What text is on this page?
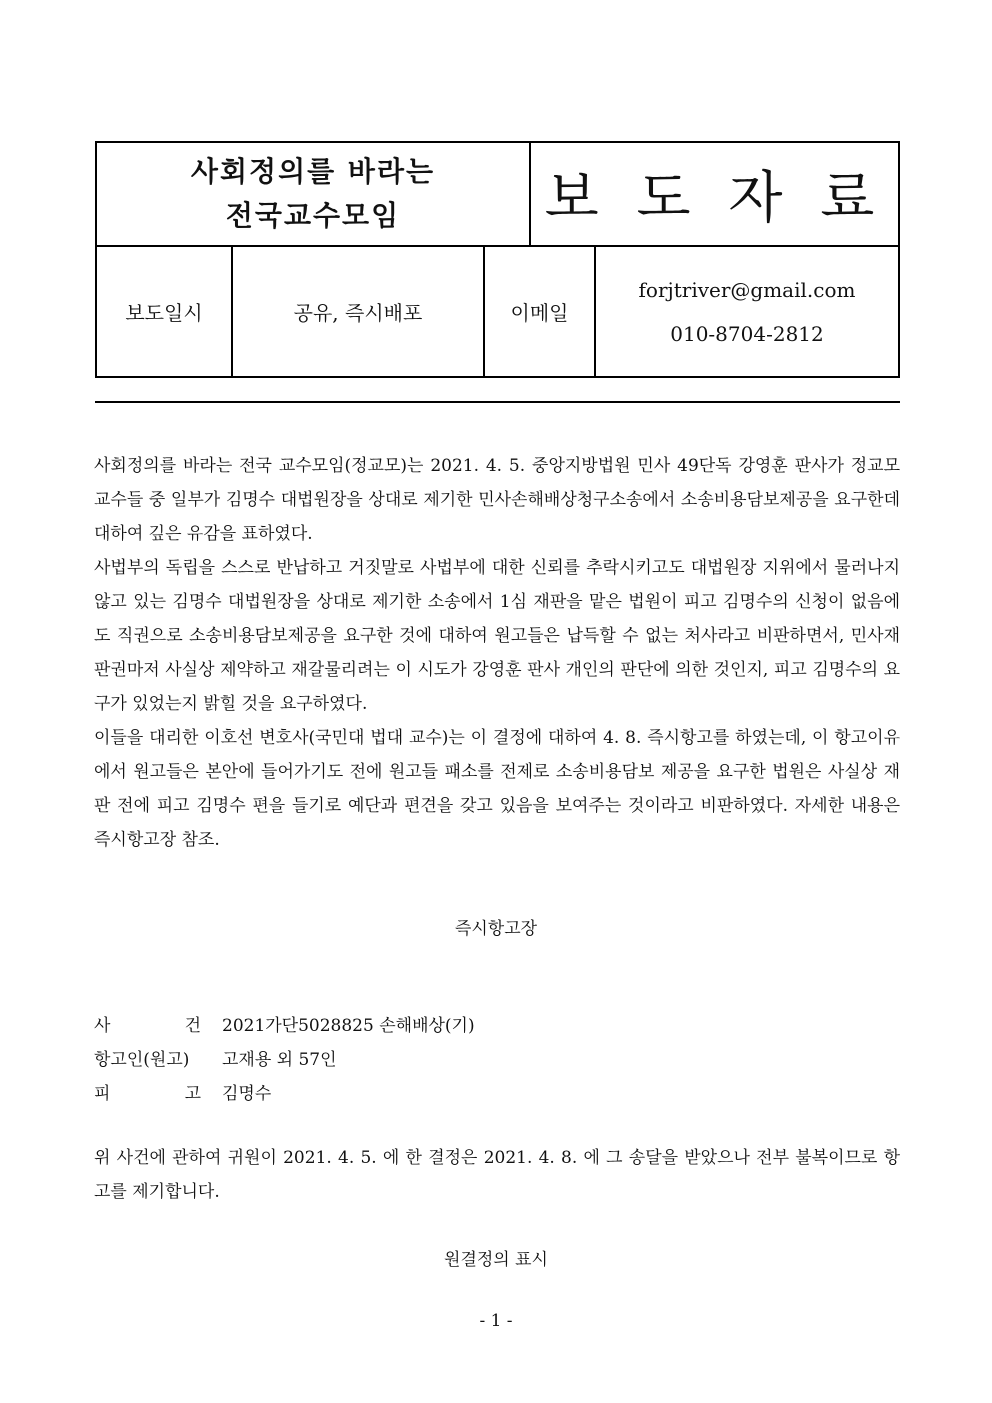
사회정의를 바라는
전국교수모임	보 도 자 료
보도일시	공유, 즉시배포	이메일
forjtriver@gmail.com
010-8704-2812

사회정의를 바라는 전국 교수모임(정교모)는 2021. 4. 5. 중앙지방법원 민사 49단독 강영훈 판사가 정교모 교수들 중 일부가 김명수 대법원장을 상대로 제기한 민사손해배상청구소송에서 소송비용담보제공을 요구한데 대하여 깊은 유감을 표하였다.

사법부의 독립을 스스로 반납하고 거짓말로 사법부에 대한 신뢰를 추락시키고도 대법원장 지위에서 물러나지 않고 있는 김명수 대법원장을 상대로 제기한 소송에서 1심 재판을 맡은 법원이 피고 김명수의 신청이 없음에도 직권으로 소송비용담보제공을 요구한 것에 대하여 원고들은 납득할 수 없는 처사라고 비판하면서, 민사재판권마저 사실상 제약하고 재갈물리려는 이 시도가 강영훈 판사 개인의 판단에 의한 것인지, 피고 김명수의 요구가 있었는지 밝힐 것을 요구하였다.

이들을 대리한 이호선 변호사(국민대 법대 교수)는 이 결정에 대하여 4. 8. 즉시항고를 하였는데, 이 항고이유에서 원고들은 본안에 들어가기도 전에 원고들 패소를 전제로 소송비용담보 제공을 요구한 법원은 사실상 재판 전에 피고 김명수 편을 들기로 예단과 편견을 갖고 있음을 보여주는 것이라고 비판하였다. 자세한 내용은 즉시항고장 참조.

즉시항고장
사	건 2021가단5028825 손해배상(기)
항고인(원고) 고재용 외 57인
피	고 김명수

위 사건에 관하여 귀원이 2021. 4. 5. 에 한 결정은 2021. 4. 8. 에 그 송달을 받았으나 전부 불복이므로 항고를 제기합니다.

원결정의 표시
- 1 -
